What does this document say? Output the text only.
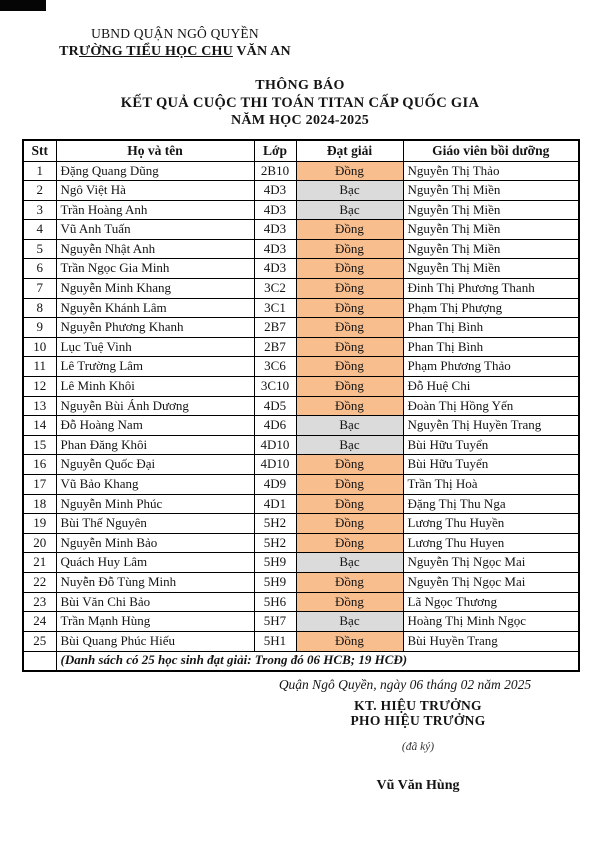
UBND QUẬN NGÔ QUYỀN
TRƯỜNG TIỂU HỌC CHU VĂN AN
THÔNG BÁO
KẾT QUẢ CUỘC THI TOÁN TITAN CẤP QUỐC GIA
NĂM HỌC 2024-2025
Stt	Họ và tên	Lớp	Đạt giải	Giáo viên bồi dưỡng
1	Đặng Quang Dũng	2B10	Đồng	Nguyễn Thị Thảo
2	Ngô Việt Hà	4D3	Bạc	Nguyễn Thị Miền
3	Trần Hoàng Anh	4D3	Bạc	Nguyễn Thị Miền
4	Vũ Anh Tuấn	4D3	Đồng	Nguyễn Thị Miền
5	Nguyễn Nhật Anh	4D3	Đồng	Nguyễn Thị Miền
6	Trần Ngọc Gia Minh	4D3	Đồng	Nguyễn Thị Miền
7	Nguyễn Minh Khang	3C2	Đồng	Đinh Thị Phương Thanh
8	Nguyễn Khánh Lâm	3C1	Đồng	Phạm Thị Phượng
9	Nguyễn Phương Khanh	2B7	Đồng	Phan Thị Bình
10	Lục Tuệ Vinh	2B7	Đồng	Phan Thị Bình
11	Lê Trường Lâm	3C6	Đồng	Phạm Phương Thảo
12	Lê Minh Khôi	3C10	Đồng	Đỗ Huệ Chi
13	Nguyễn Bùi Ánh Dương	4D5	Đồng	Đoàn Thị Hồng Yến
14	Đỗ Hoàng Nam	4D6	Bạc	Nguyễn Thị Huyền Trang
15	Phan Đăng Khôi	4D10	Bạc	Bùi Hữu Tuyển
16	Nguyễn Quốc Đại	4D10	Đồng	Bùi Hữu Tuyển
17	Vũ Bảo Khang	4D9	Đồng	Trần Thị Hoà
18	Nguyễn Minh Phúc	4D1	Đồng	Đặng Thị Thu Nga
19	Bùi Thế Nguyên	5H2	Đồng	Lương Thu Huyền
20	Nguyễn Minh Bảo	5H2	Đồng	Lương Thu Huyen
21	Quách Huy Lâm	5H9	Bạc	Nguyễn Thị Ngọc Mai
22	Nuyễn Đỗ Tùng Minh	5H9	Đồng	Nguyễn Thị Ngọc Mai
23	Bùi Văn Chi Bảo	5H6	Đồng	Lã Ngọc Thương
24	Trần Mạnh Hùng	5H7	Bạc	Hoàng Thị Minh Ngọc
25	Bùi Quang Phúc Hiếu	5H1	Đồng	Bùi Huyền Trang
	(Danh sách có 25 học sinh đạt giải: Trong đó 06 HCB; 19 HCĐ)			
Quận Ngô Quyền, ngày 06 tháng 02 năm 2025
KT. HIỆU TRƯỞNG
PHO HIỆU TRƯỞNG
(đã ký)
Vũ Văn Hùng
